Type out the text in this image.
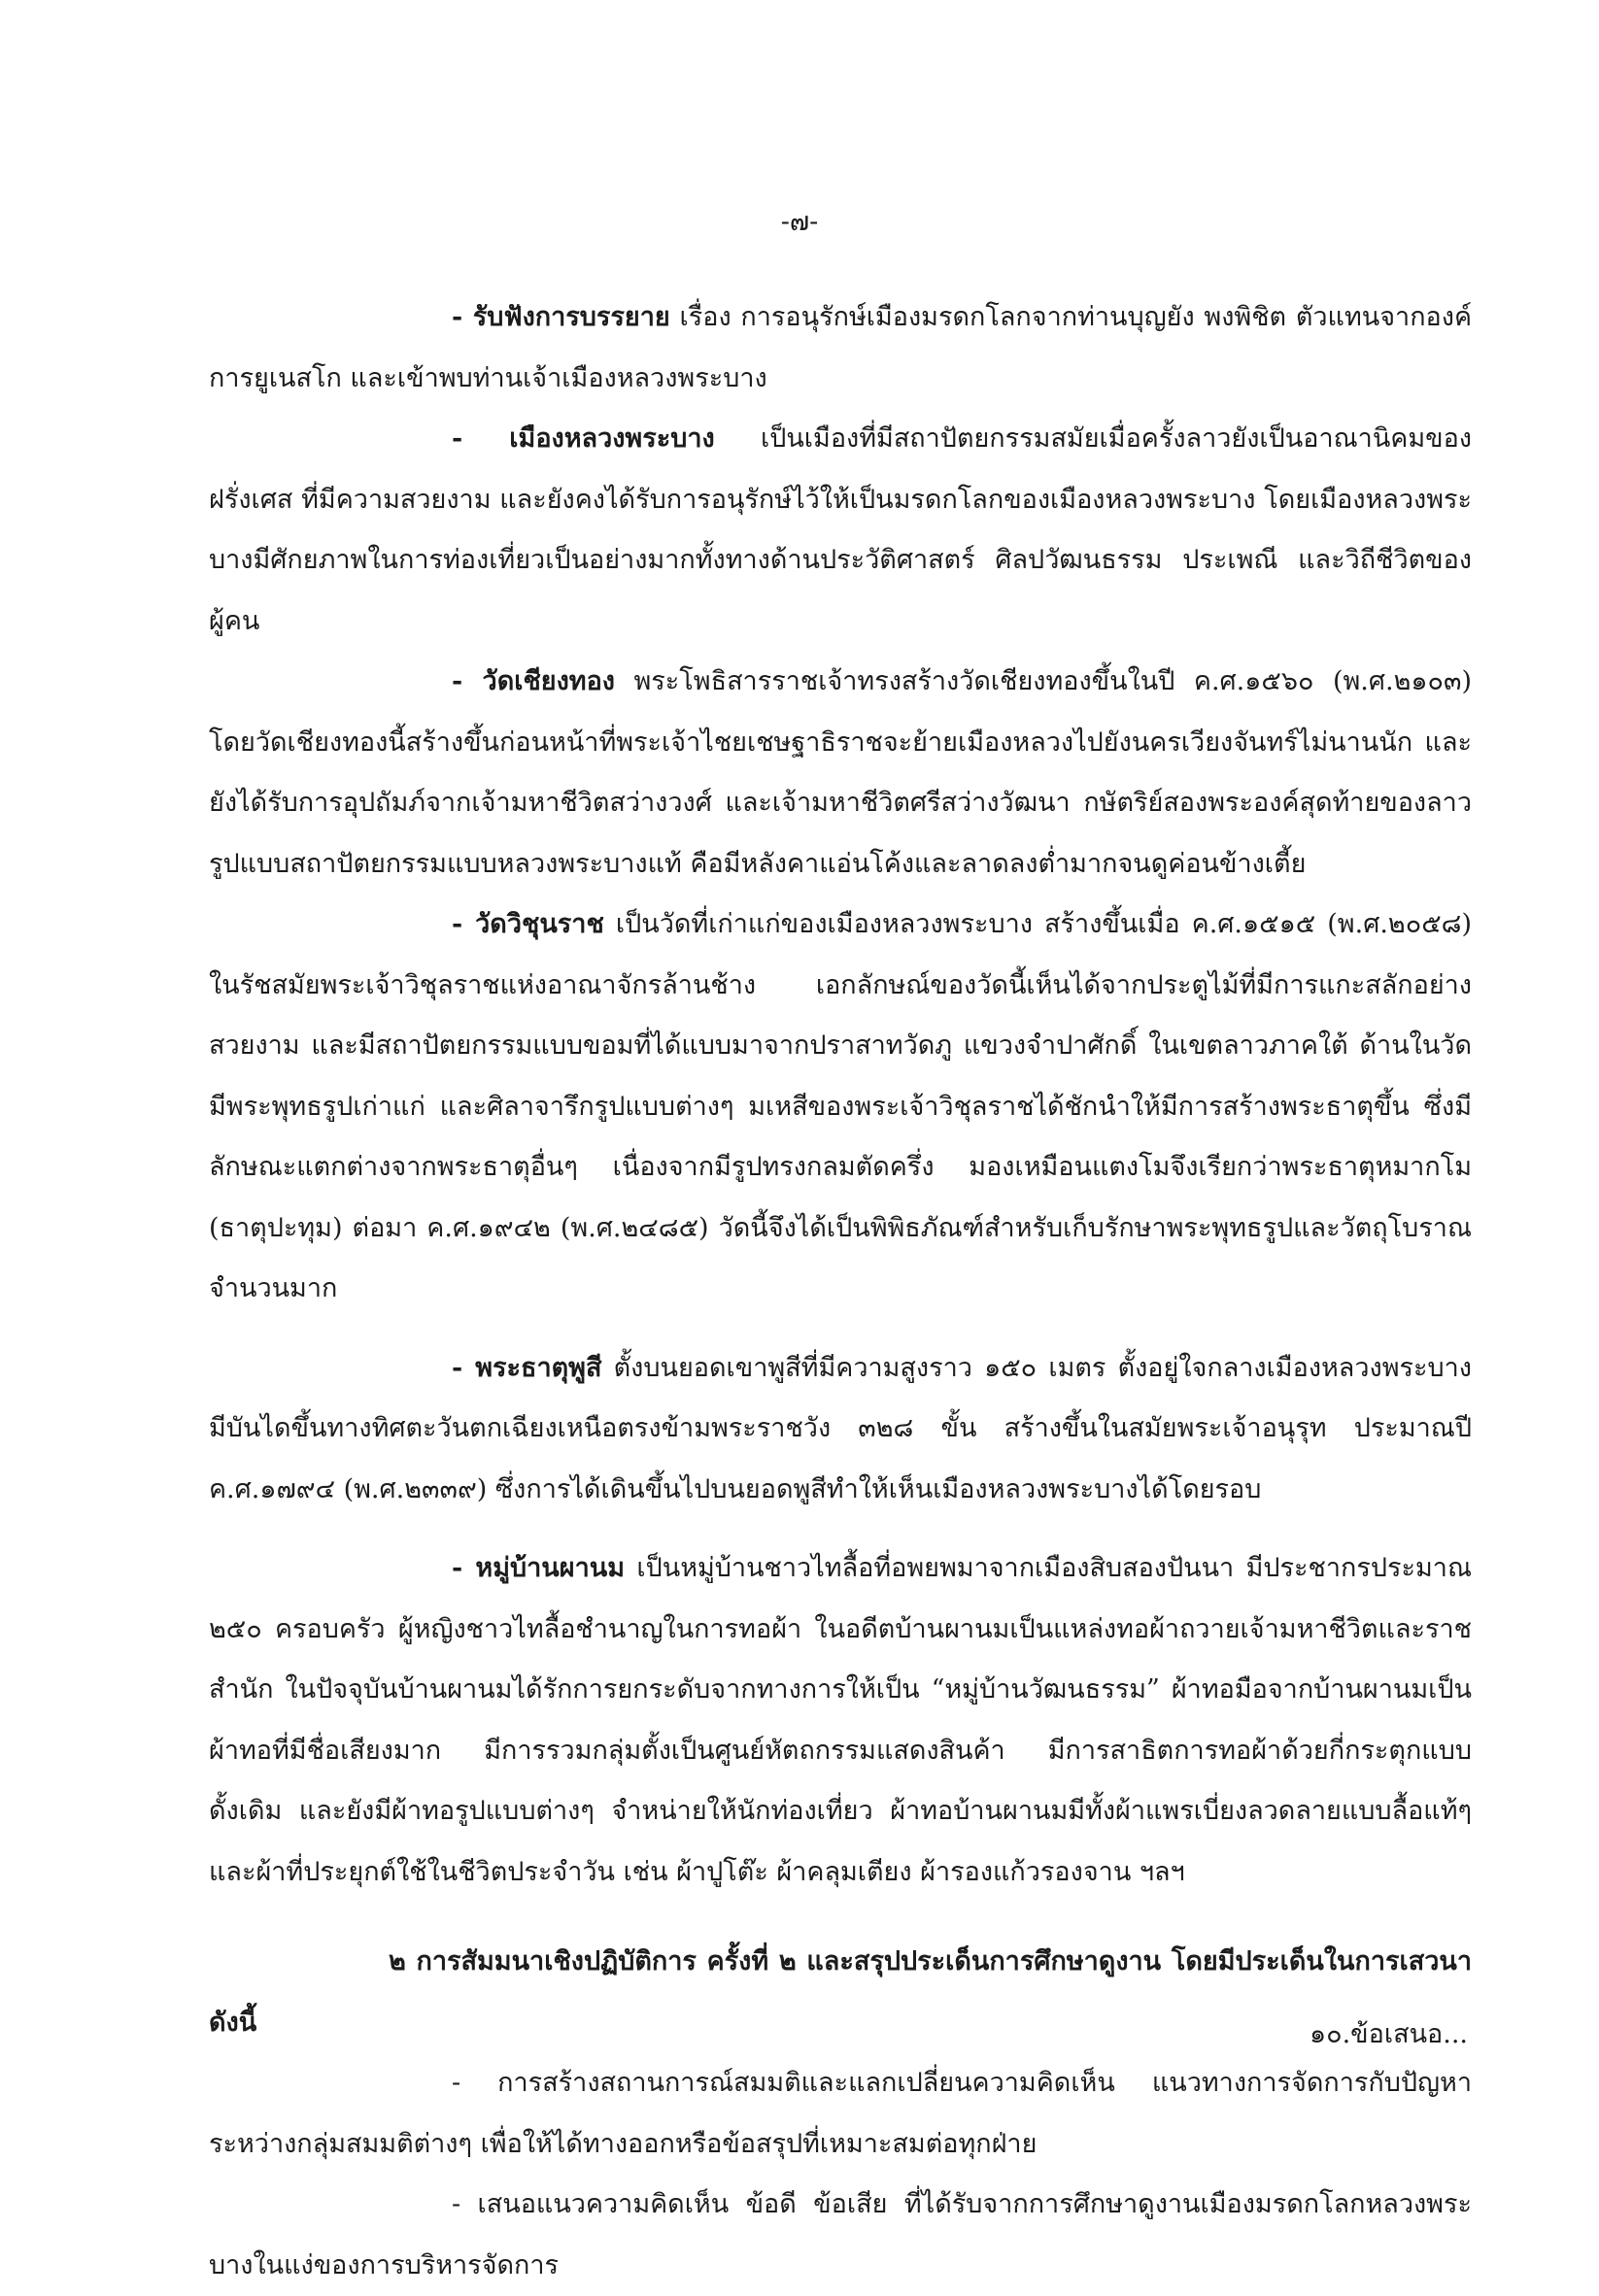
-๗-

- รับฟังการบรรยาย เรื่อง การอนุรักษ์เมืองมรดกโลกจากท่านบุญยัง พงพิชิต ตัวแทนจากองค์การยูเนสโก และเข้าพบท่านเจ้าเมืองหลวงพระบาง

- เมืองหลวงพระบาง เป็นเมืองที่มีสถาปัตยกรรมสมัยเมื่อครั้งลาวยังเป็นอาณานิคมของฝรั่งเศส ที่มีความสวยงาม และยังคงได้รับการอนุรักษ์ไว้ให้เป็นมรดกโลกของเมืองหลวงพระบาง โดยเมืองหลวงพระบางมีศักยภาพในการท่องเที่ยวเป็นอย่างมากทั้งทางด้านประวัติศาสตร์ ศิลปวัฒนธรรม ประเพณี และวิถีชีวิตของผู้คน

- วัดเชียงทอง พระโพธิสารราชเจ้าทรงสร้างวัดเชียงทองขึ้นในปี ค.ศ.๑๕๖๐ (พ.ศ.๒๑๐๓) โดยวัดเชียงทองนี้สร้างขึ้นก่อนหน้าที่พระเจ้าไชยเชษฐาธิราชจะย้ายเมืองหลวงไปยังนครเวียงจันทร์ไม่นานนัก และยังได้รับการอุปถัมภ์จากเจ้ามหาชีวิตสว่างวงศ์ และเจ้ามหาชีวิตศรีสว่างวัฒนา กษัตริย์สองพระองค์สุดท้ายของลาว รูปแบบสถาปัตยกรรมแบบหลวงพระบางแท้ คือมีหลังคาแอ่นโค้งและลาดลงต่ำมากจนดูค่อนข้างเตี้ย

- วัดวิชุนราช เป็นวัดที่เก่าแก่ของเมืองหลวงพระบาง สร้างขึ้นเมื่อ ค.ศ.๑๕๑๕ (พ.ศ.๒๐๕๘) ในรัชสมัยพระเจ้าวิชุลราชแห่งอาณาจักรล้านช้าง เอกลักษณ์ของวัดนี้เห็นได้จากประตูไม้ที่มีการแกะสลักอย่างสวยงาม และมีสถาปัตยกรรมแบบขอมที่ได้แบบมาจากปราสาทวัดภู แขวงจำปาศักดิ์ ในเขตลาวภาคใต้ ด้านในวัดมีพระพุทธรูปเก่าแก่ และศิลาจารึกรูปแบบต่างๆ มเหสีของพระเจ้าวิชุลราชได้ชักนำให้มีการสร้างพระธาตุขึ้น ซึ่งมีลักษณะแตกต่างจากพระธาตุอื่นๆ เนื่องจากมีรูปทรงกลมตัดครึ่ง มองเหมือนแตงโมจึงเรียกว่าพระธาตุหมากโม (ธาตุปะทุม) ต่อมา ค.ศ.๑๙๔๒ (พ.ศ.๒๔๘๕) วัดนี้จึงได้เป็นพิพิธภัณฑ์สำหรับเก็บรักษาพระพุทธรูปและวัตถุโบราณจำนวนมาก

- พระธาตุพูสี ตั้งบนยอดเขาพูสีที่มีความสูงราว ๑๕๐ เมตร ตั้งอยู่ใจกลางเมืองหลวงพระบาง มีบันไดขึ้นทางทิศตะวันตกเฉียงเหนือตรงข้ามพระราชวัง ๓๒๘ ขั้น สร้างขึ้นในสมัยพระเจ้าอนุรุท ประมาณปี ค.ศ.๑๗๙๔ (พ.ศ.๒๓๓๙) ซึ่งการได้เดินขึ้นไปบนยอดพูสีทำให้เห็นเมืองหลวงพระบางได้โดยรอบ

- หมู่บ้านผานม เป็นหมู่บ้านชาวไทลื้อที่อพยพมาจากเมืองสิบสองปันนา มีประชากรประมาณ ๒๕๐ ครอบครัว ผู้หญิงชาวไทลื้อชำนาญในการทอผ้า ในอดีตบ้านผานมเป็นแหล่งทอผ้าถวายเจ้ามหาชีวิตและราชสำนัก ในปัจจุบันบ้านผานมได้รักการยกระดับจากทางการให้เป็น “หมู่บ้านวัฒนธรรม” ผ้าทอมือจากบ้านผานมเป็นผ้าทอที่มีชื่อเสียงมาก มีการรวมกลุ่มตั้งเป็นศูนย์หัตถกรรมแสดงสินค้า มีการสาธิตการทอผ้าด้วยกี่กระตุกแบบดั้งเดิม และยังมีผ้าทอรูปแบบต่างๆ จำหน่ายให้นักท่องเที่ยว ผ้าทอบ้านผานมมีทั้งผ้าแพรเบี่ยงลวดลายแบบลื้อแท้ๆ และผ้าที่ประยุกต์ใช้ในชีวิตประจำวัน เช่น ผ้าปูโต๊ะ ผ้าคลุมเตียง ผ้ารองแก้วรองจาน ฯลฯ

๒ การสัมมนาเชิงปฏิบัติการ ครั้งที่ ๒ และสรุปประเด็นการศึกษาดูงาน โดยมีประเด็นในการเสวนาดังนี้

- การสร้างสถานการณ์สมมติและแลกเปลี่ยนความคิดเห็น แนวทางการจัดการกับปัญหาระหว่างกลุ่มสมมติต่างๆ เพื่อให้ได้ทางออกหรือข้อสรุปที่เหมาะสมต่อทุกฝ่าย

- เสนอแนวความคิดเห็น ข้อดี ข้อเสีย ที่ได้รับจากการศึกษาดูงานเมืองมรดกโลกหลวงพระบางในแง่ของการบริหารจัดการ

๑๐.ข้อเสนอ...
